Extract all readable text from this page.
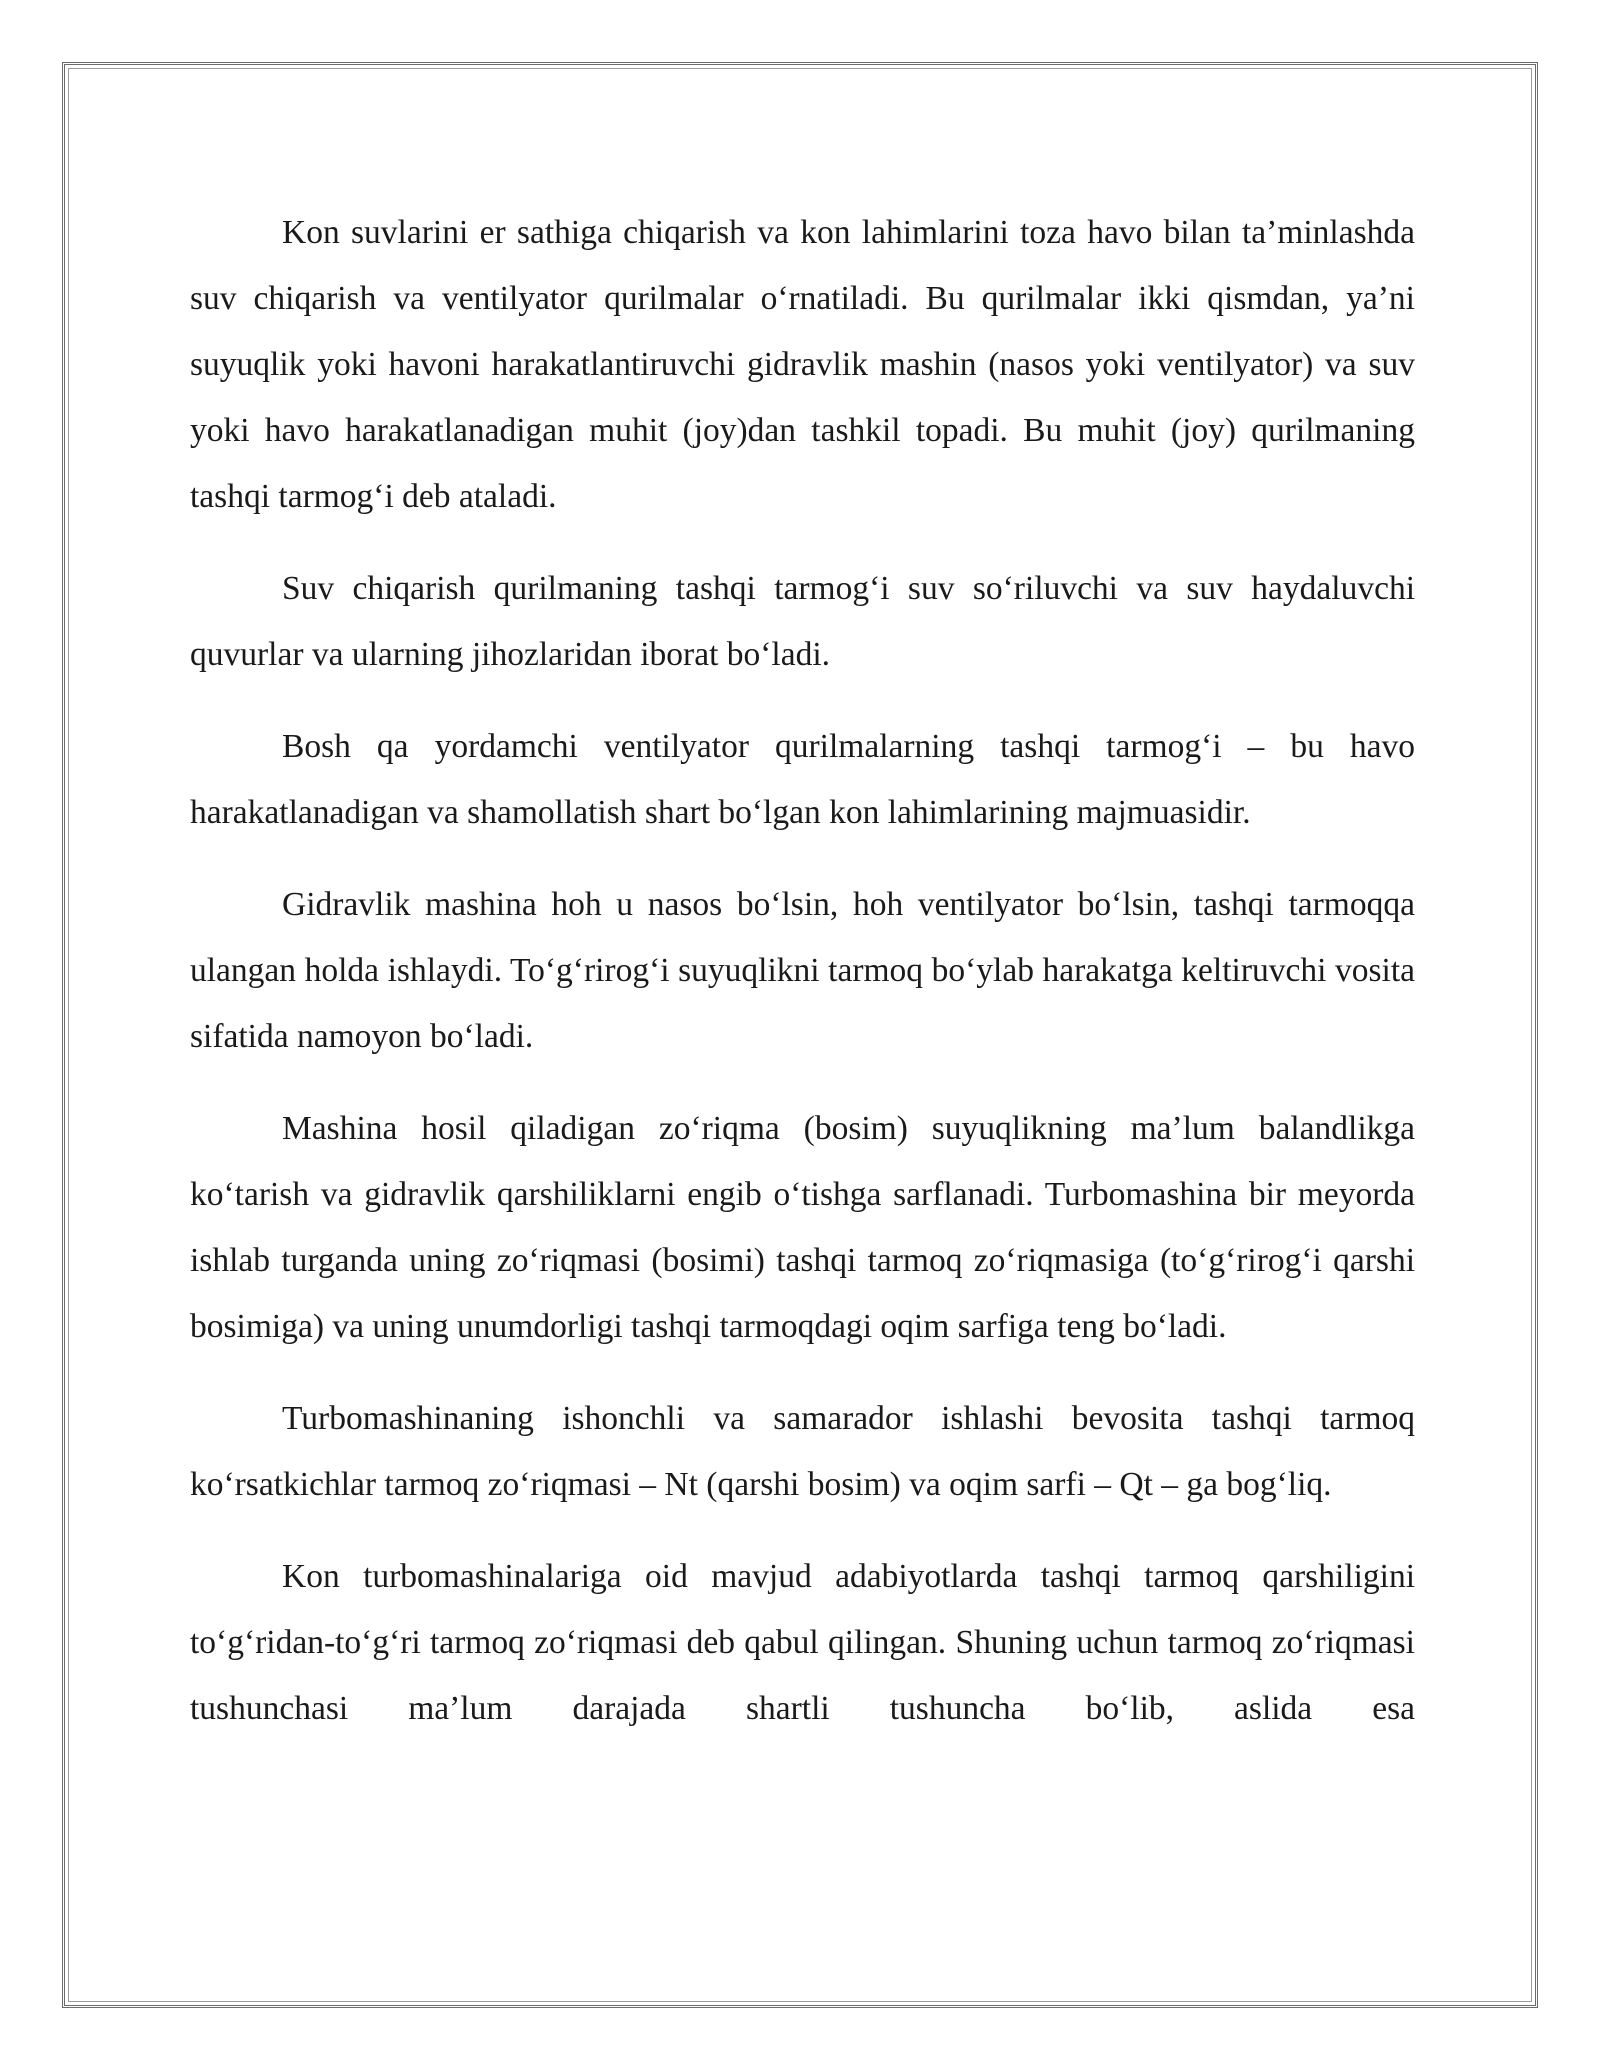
Kon suvlarini er sathiga chiqarish va kon lahimlarini toza havo bilan ta’minlashda suv chiqarish va ventilyator qurilmalar o‘rnatiladi. Bu qurilmalar ikki qismdan, ya’ni suyuqlik yoki havoni harakatlantiruvchi gidravlik mashin (nasos yoki ventilyator) va suv yoki havo harakatlanadigan muhit (joy)dan tashkil topadi. Bu muhit (joy) qurilmaning tashqi tarmog‘i deb ataladi.

Suv chiqarish qurilmaning tashqi tarmog‘i suv so‘riluvchi va suv haydaluvchi quvurlar va ularning jihozlaridan iborat bo‘ladi.

Bosh qa yordamchi ventilyator qurilmalarning tashqi tarmog‘i – bu havo harakatlanadigan va shamollatish shart bo‘lgan kon lahimlarining majmuasidir.

Gidravlik mashina hoh u nasos bo‘lsin, hoh ventilyator bo‘lsin, tashqi tarmoqqa ulangan holda ishlaydi. To‘g‘rirog‘i suyuqlikni tarmoq bo‘ylab harakatga keltiruvchi vosita sifatida namoyon bo‘ladi.

Mashina hosil qiladigan zo‘riqma (bosim) suyuqlikning ma’lum balandlikga ko‘tarish va gidravlik qarshiliklarni engib o‘tishga sarflanadi. Turbomashina bir meyorda ishlab turganda uning zo‘riqmasi (bosimi) tashqi tarmoq zo‘riqmasiga (to‘g‘rirog‘i qarshi bosimiga) va uning unumdorligi tashqi tarmoqdagi oqim sarfiga teng bo‘ladi.

Turbomashinaning ishonchli va samarador ishlashi bevosita tashqi tarmoq ko‘rsatkichlar tarmoq zo‘riqmasi – Nt (qarshi bosim) va oqim sarfi – Qt – ga bog‘liq.

Kon turbomashinalariga oid mavjud adabiyotlarda tashqi tarmoq qarshiligini to‘g‘ridan-to‘g‘ri tarmoq zo‘riqmasi deb qabul qilingan. Shuning uchun tarmoq zo‘riqmasi tushunchasi ma’lum darajada shartli tushuncha bo‘lib, aslida esa
